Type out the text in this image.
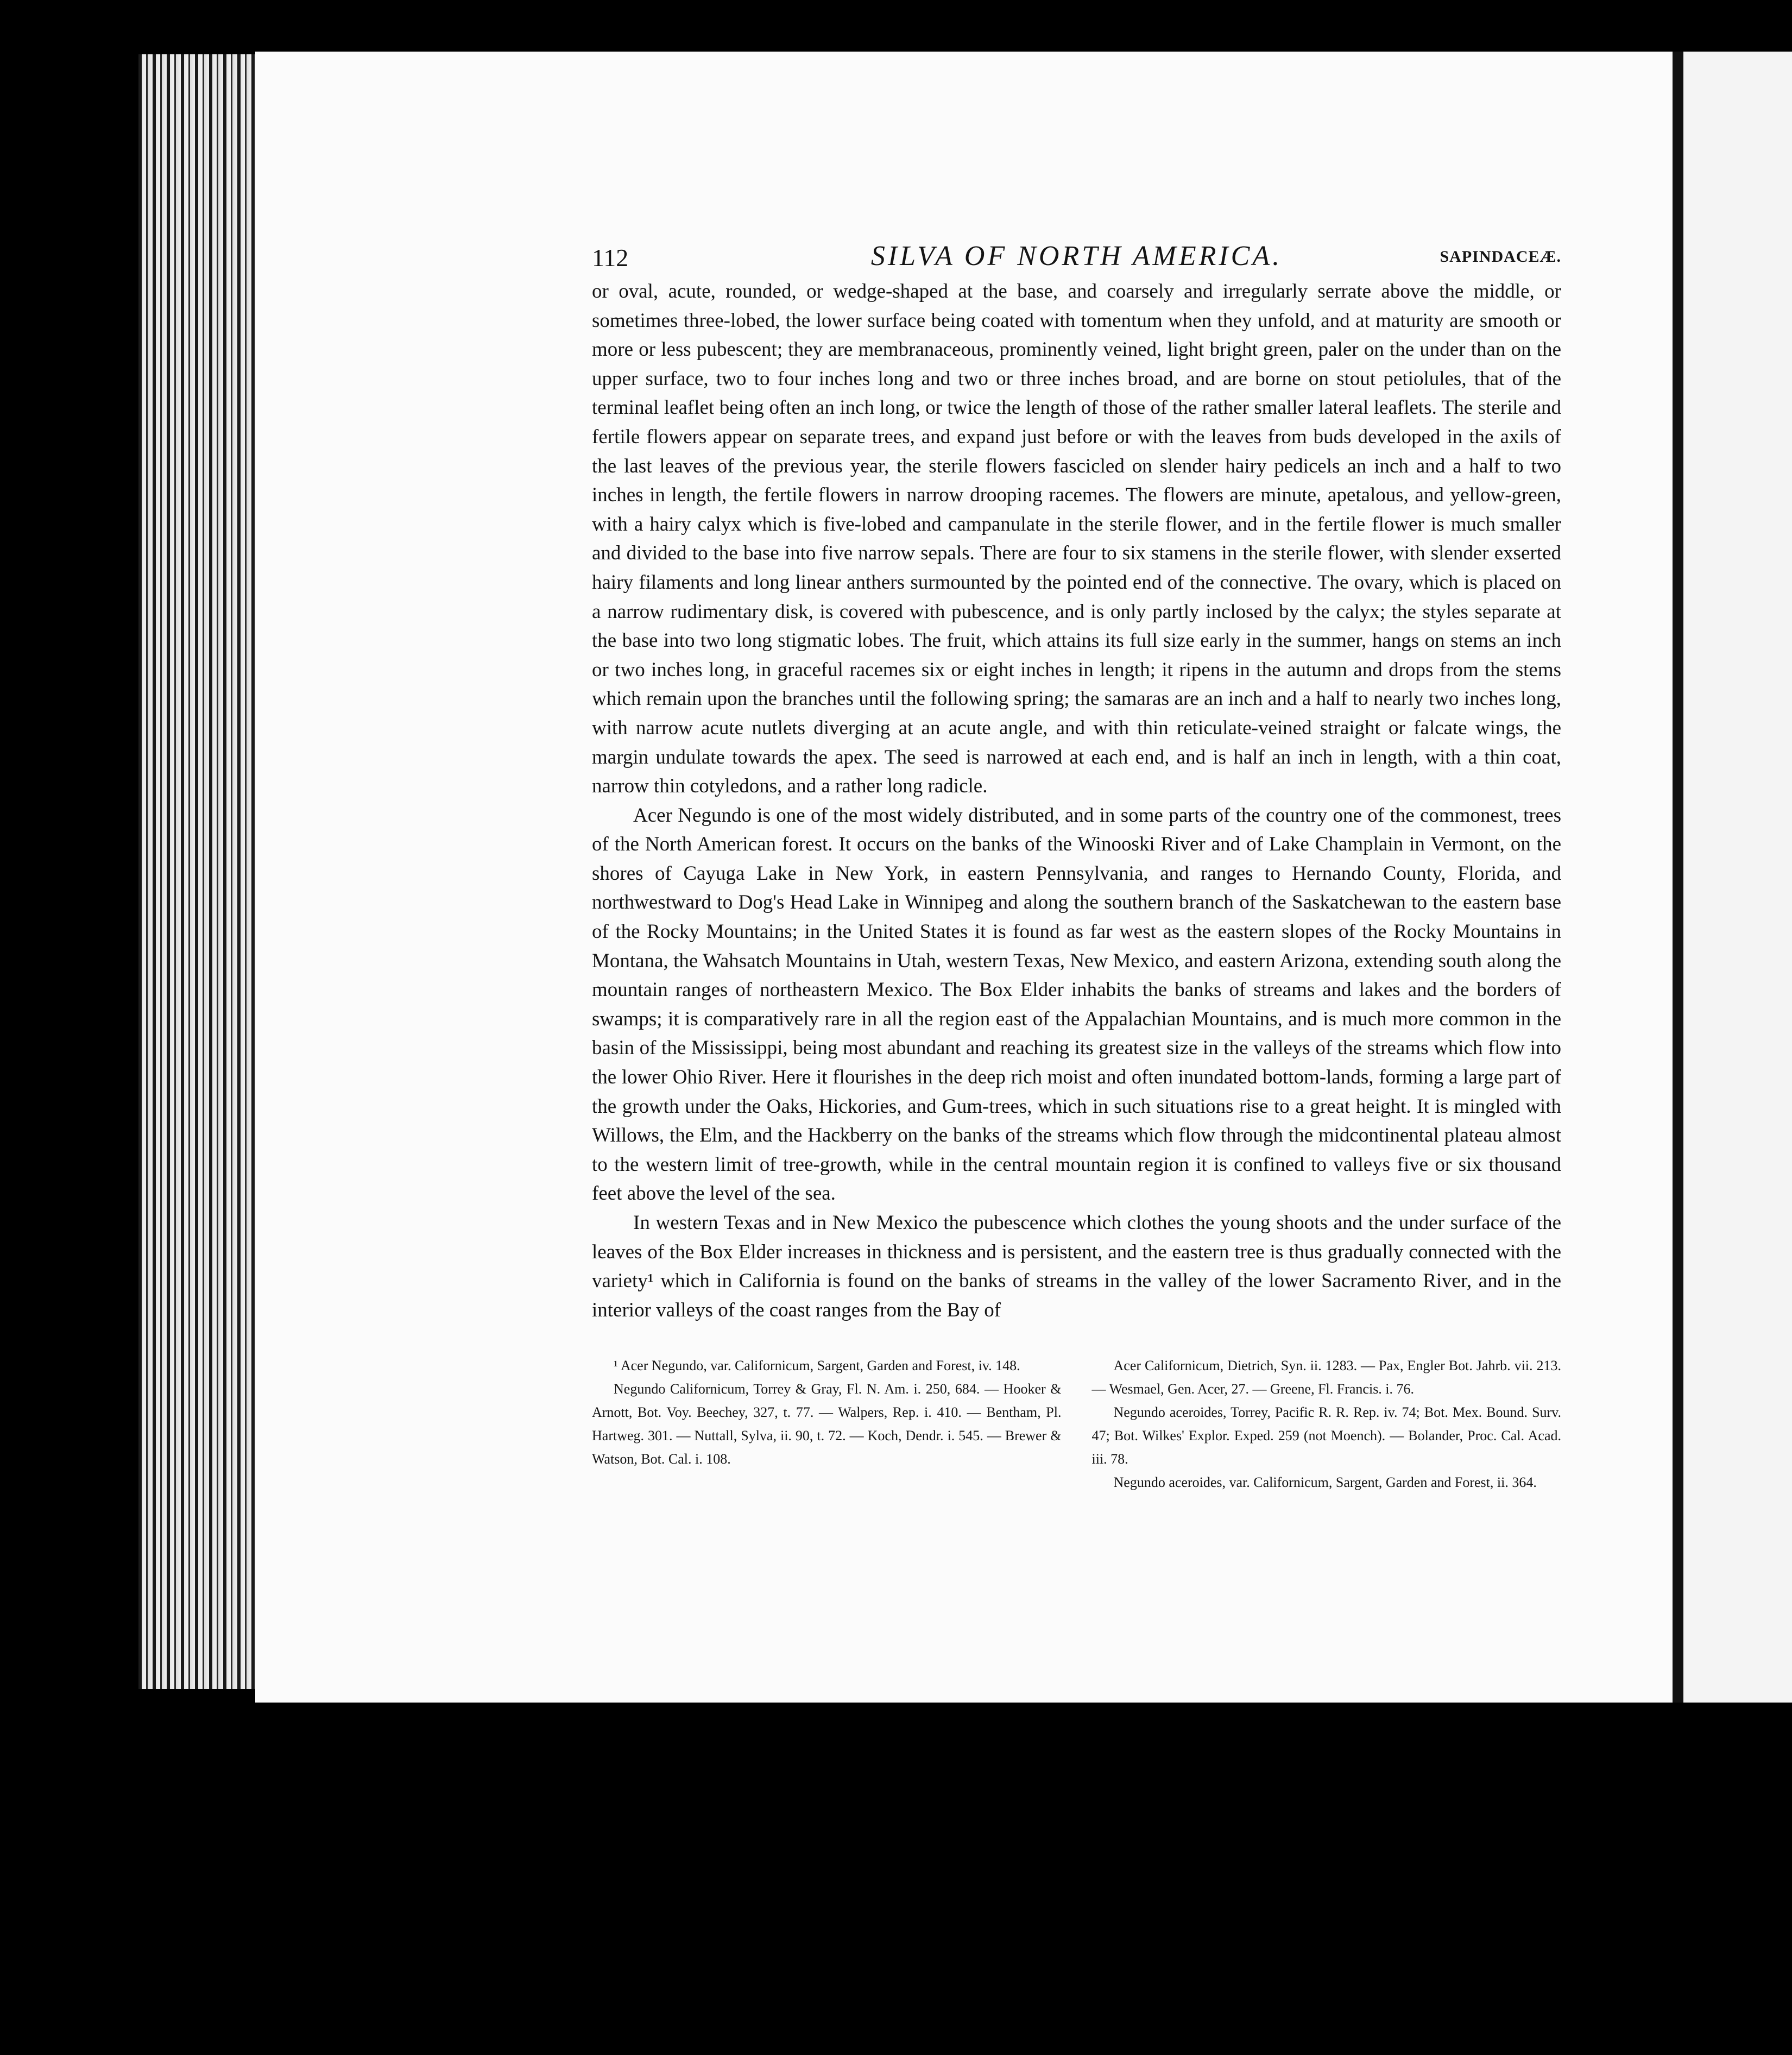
112	SILVA OF NORTH AMERICA.	SAPINDACEÆ.

or oval, acute, rounded, or wedge-shaped at the base, and coarsely and irregularly serrate above the middle, or sometimes three-lobed, the lower surface being coated with tomentum when they unfold, and at maturity are smooth or more or less pubescent; they are membranaceous, prominently veined, light bright green, paler on the under than on the upper surface, two to four inches long and two or three inches broad, and are borne on stout petiolules, that of the terminal leaflet being often an inch long, or twice the length of those of the rather smaller lateral leaflets. The sterile and fertile flowers appear on separate trees, and expand just before or with the leaves from buds developed in the axils of the last leaves of the previous year, the sterile flowers fascicled on slender hairy pedicels an inch and a half to two inches in length, the fertile flowers in narrow drooping racemes. The flowers are minute, apetalous, and yellow-green, with a hairy calyx which is five-lobed and campanulate in the sterile flower, and in the fertile flower is much smaller and divided to the base into five narrow sepals. There are four to six stamens in the sterile flower, with slender exserted hairy filaments and long linear anthers surmounted by the pointed end of the connective. The ovary, which is placed on a narrow rudimentary disk, is covered with pubescence, and is only partly inclosed by the calyx; the styles separate at the base into two long stigmatic lobes. The fruit, which attains its full size early in the summer, hangs on stems an inch or two inches long, in graceful racemes six or eight inches in length; it ripens in the autumn and drops from the stems which remain upon the branches until the following spring; the samaras are an inch and a half to nearly two inches long, with narrow acute nutlets diverging at an acute angle, and with thin reticulate-veined straight or falcate wings, the margin undulate towards the apex. The seed is narrowed at each end, and is half an inch in length, with a thin coat, narrow thin cotyledons, and a rather long radicle.

Acer Negundo is one of the most widely distributed, and in some parts of the country one of the commonest, trees of the North American forest. It occurs on the banks of the Winooski River and of Lake Champlain in Vermont, on the shores of Cayuga Lake in New York, in eastern Pennsylvania, and ranges to Hernando County, Florida, and northwestward to Dog's Head Lake in Winnipeg and along the southern branch of the Saskatchewan to the eastern base of the Rocky Mountains; in the United States it is found as far west as the eastern slopes of the Rocky Mountains in Montana, the Wahsatch Mountains in Utah, western Texas, New Mexico, and eastern Arizona, extending south along the mountain ranges of northeastern Mexico. The Box Elder inhabits the banks of streams and lakes and the borders of swamps; it is comparatively rare in all the region east of the Appalachian Mountains, and is much more common in the basin of the Mississippi, being most abundant and reaching its greatest size in the valleys of the streams which flow into the lower Ohio River. Here it flourishes in the deep rich moist and often inundated bottom-lands, forming a large part of the growth under the Oaks, Hickories, and Gum-trees, which in such situations rise to a great height. It is mingled with Willows, the Elm, and the Hackberry on the banks of the streams which flow through the midcontinental plateau almost to the western limit of tree-growth, while in the central mountain region it is confined to valleys five or six thousand feet above the level of the sea.

In western Texas and in New Mexico the pubescence which clothes the young shoots and the under surface of the leaves of the Box Elder increases in thickness and is persistent, and the eastern tree is thus gradually connected with the variety¹ which in California is found on the banks of streams in the valley of the lower Sacramento River, and in the interior valleys of the coast ranges from the Bay of

¹ Acer Negundo, var. Californicum, Sargent, Garden and Forest, iv. 148.

Negundo Californicum, Torrey & Gray, Fl. N. Am. i. 250, 684. — Hooker & Arnott, Bot. Voy. Beechey, 327, t. 77. — Walpers, Rep. i. 410. — Bentham, Pl. Hartweg. 301. — Nuttall, Sylva, ii. 90, t. 72. — Koch, Dendr. i. 545. — Brewer & Watson, Bot. Cal. i. 108.

Acer Californicum, Dietrich, Syn. ii. 1283. — Pax, Engler Bot. Jahrb. vii. 213. — Wesmael, Gen. Acer, 27. — Greene, Fl. Francis. i. 76.

Negundo aceroides, Torrey, Pacific R. R. Rep. iv. 74; Bot. Mex. Bound. Surv. 47; Bot. Wilkes' Explor. Exped. 259 (not Moench). — Bolander, Proc. Cal. Acad. iii. 78.

Negundo aceroides, var. Californicum, Sargent, Garden and Forest, ii. 364.
